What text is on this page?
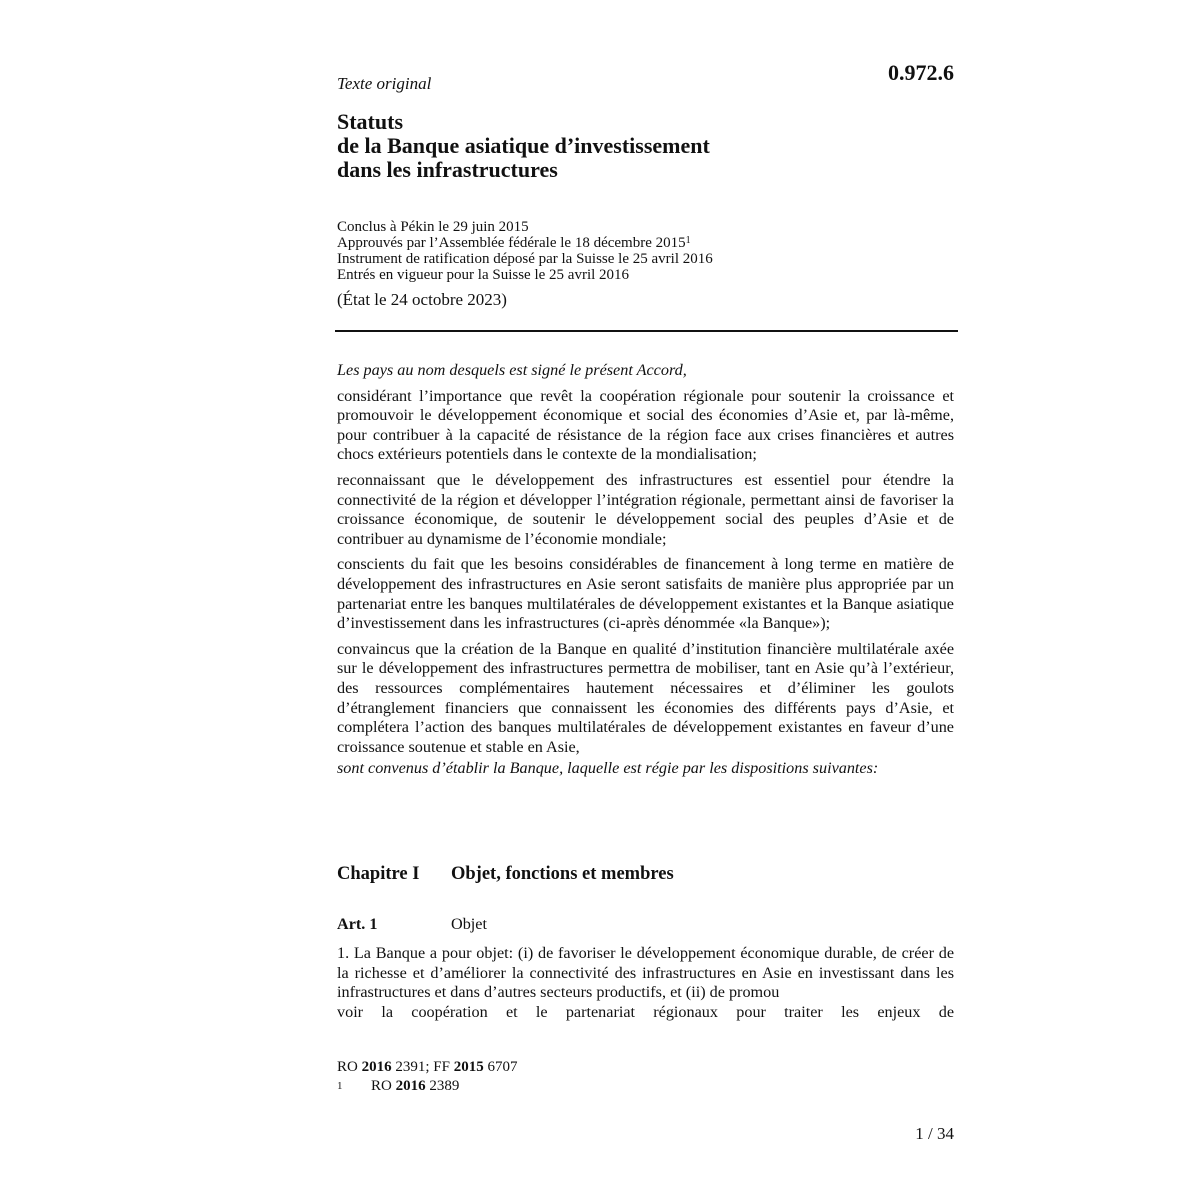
0.972.6
Texte original
Statuts
de la Banque asiatique d’investissement
dans les infrastructures
Conclus à Pékin le 29 juin 2015
Approuvés par l’Assemblée fédérale le 18 décembre 2015$^1$
Instrument de ratification déposé par la Suisse le 25 avril 2016
Entrés en vigueur pour la Suisse le 25 avril 2016
(État le 24 octobre 2023)

Les pays au nom desquels est signé le présent Accord,

considérant l’importance que revêt la coopération régionale pour soutenir la croissance et promouvoir le développement économique et social des économies d’Asie et, par là-même, pour contribuer à la capacité de résistance de la région face aux crises financières et autres chocs extérieurs potentiels dans le contexte de la mondialisation;

reconnaissant que le développement des infrastructures est essentiel pour étendre la connectivité de la région et développer l’intégration régionale, permettant ainsi de favoriser la croissance économique, de soutenir le développement social des peuples d’Asie et de contribuer au dynamisme de l’économie mondiale;

conscients du fait que les besoins considérables de financement à long terme en matière de développement des infrastructures en Asie seront satisfaits de manière plus appropriée par un partenariat entre les banques multilatérales de développement existantes et la Banque asiatique d’investissement dans les infrastructures (ci-après dénommée «la Banque»);

convaincus que la création de la Banque en qualité d’institution financière multilatérale axée sur le développement des infrastructures permettra de mobiliser, tant en Asie qu’à l’extérieur, des ressources complémentaires hautement nécessaires et d’éliminer les goulots d’étranglement financiers que connaissent les économies des différents pays d’Asie, et complétera l’action des banques multilatérales de développement existantes en faveur d’une croissance soutenue et stable en Asie,

sont convenus d’établir la Banque, laquelle est régie par les dispositions suivantes:

Chapitre I Objet, fonctions et membres
Art. 1	Objet

1. La Banque a pour objet: (i) de favoriser le développement économique durable, de créer de la richesse et d’améliorer la connectivité des infrastructures en Asie en investissant dans les infrastructures et dans d’autres secteurs productifs, et (ii) de promou

voir la coopération et le partenariat régionaux pour traiter les enjeux de
RO 2016 2391; FF 2015 6707
1 RO 2016 2389
1 / 34
